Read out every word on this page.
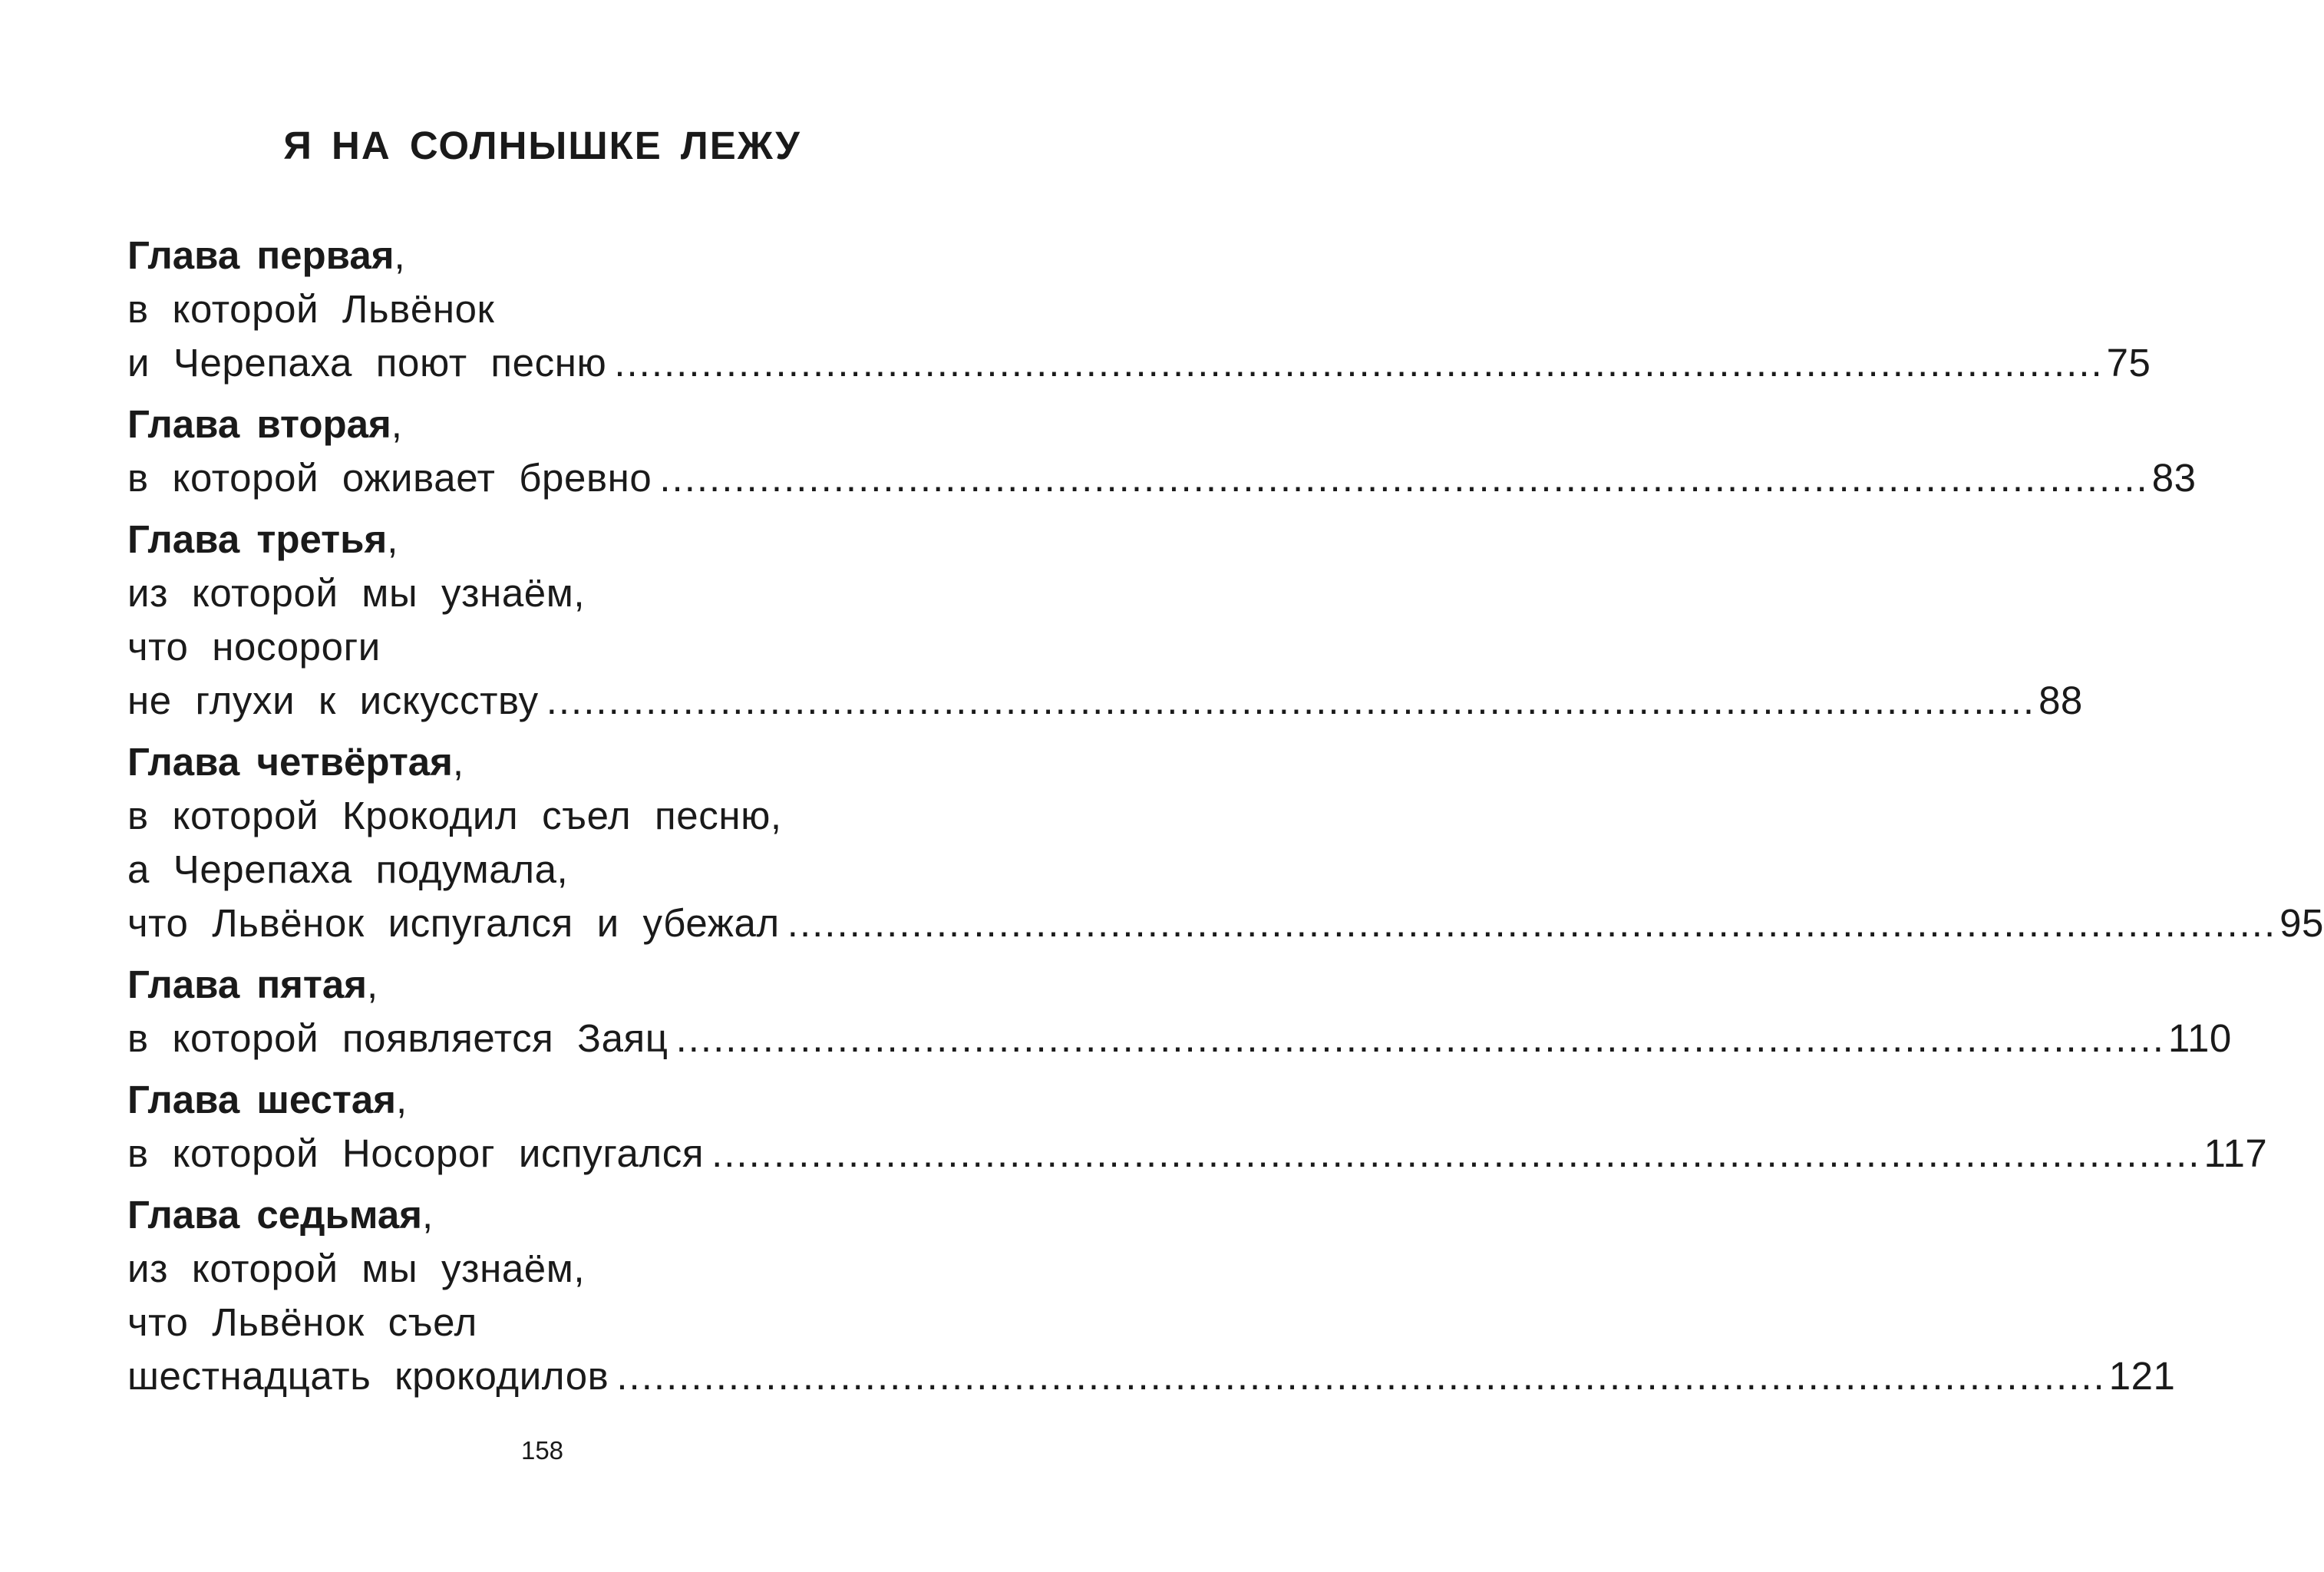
Я НА СОЛНЫШКЕ ЛЕЖУ
Глава первая,
в которой Львёнок
и Черепаха поют песню ........................................................................................................................ 75
Глава вторая,
в которой оживает бревно ........................................................................................................................ 83
Глава третья,
из которой мы узнаём,
что носороги
не глухи к искусству ........................................................................................................................ 88
Глава четвёртая,
в которой Крокодил съел песню,
а Черепаха подумала,
что Львёнок испугался и убежал ........................................................................................................................ 95
Глава пятая,
в которой появляется Заяц ........................................................................................................................ 110
Глава шестая,
в которой Носорог испугался ........................................................................................................................ 117
Глава седьмая,
из которой мы узнаём,
что Львёнок съел
шестнадцать крокодилов ........................................................................................................................ 121
158
